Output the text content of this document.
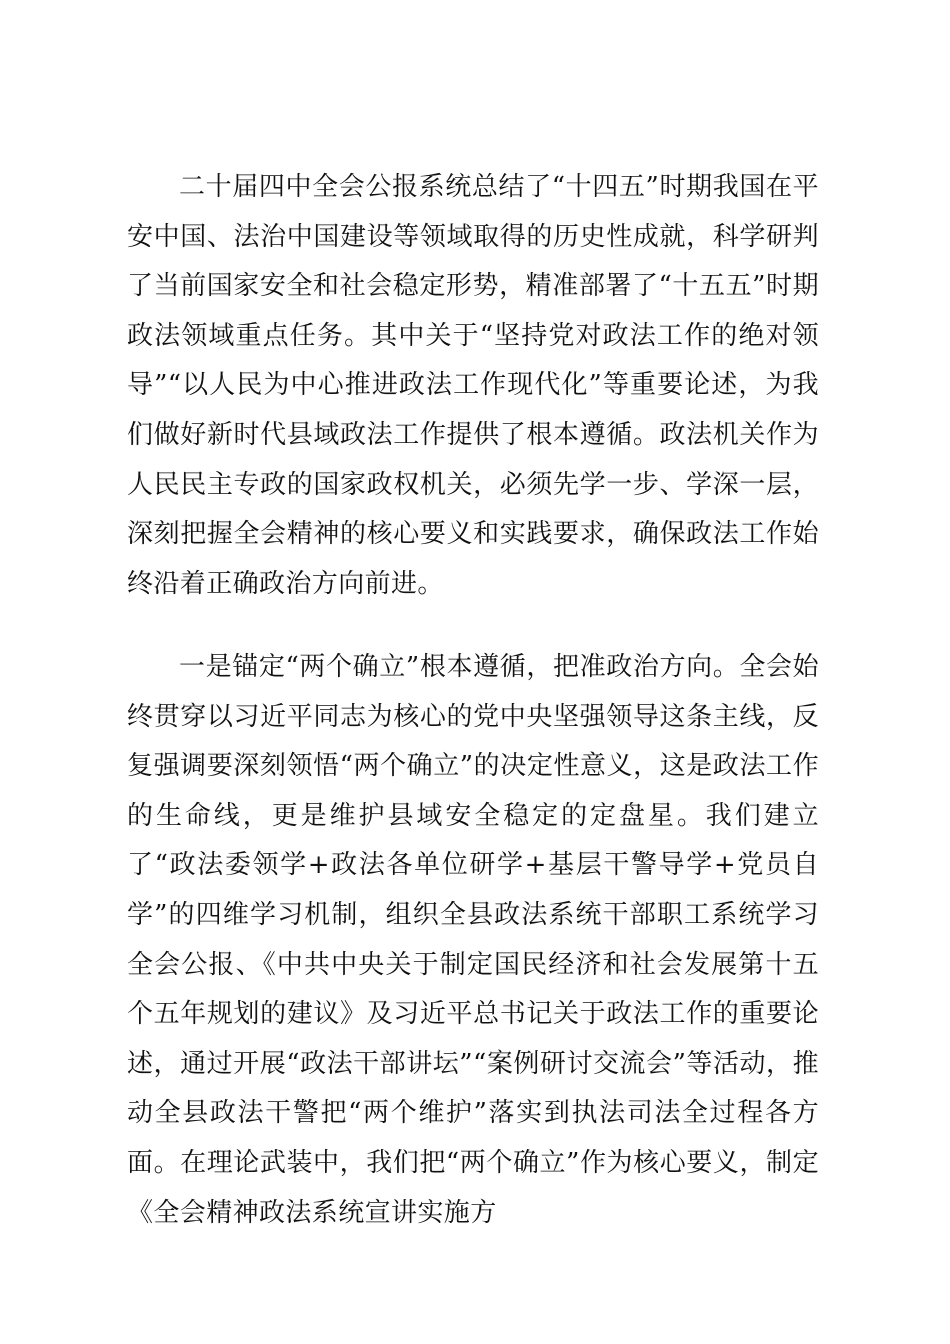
二十届四中全会公报系统总结了“十四五”时期我国在平安中国、法治中国建设等领域取得的历史性成就，科学研判了当前国家安全和社会稳定形势，精准部署了“十五五”时期政法领域重点任务。其中关于“坚持党对政法工作的绝对领导”“以人民为中心推进政法工作现代化”等重要论述，为我们做好新时代县域政法工作提供了根本遵循。政法机关作为人民民主专政的国家政权机关，必须先学一步、学深一层，深刻把握全会精神的核心要义和实践要求，确保政法工作始终沿着正确政治方向前进。

一是锚定“两个确立”根本遵循，把准政治方向。全会始终贯穿以习近平同志为核心的党中央坚强领导这条主线，反复强调要深刻领悟“两个确立”的决定性意义，这是政法工作的生命线，更是维护县域安全稳定的定盘星。我们建立了“政法委领学+政法各单位研学+基层干警导学+党员自学”的四维学习机制，组织全县政法系统干部职工系统学习全会公报、《中共中央关于制定国民经济和社会发展第十五个五年规划的建议》及习近平总书记关于政法工作的重要论述，通过开展“政法干部讲坛”“案例研讨交流会”等活动，推动全县政法干警把“两个维护”落实到执法司法全过程各方面。在理论武装中，我们把“两个确立”作为核心要义，制定《全会精神政法系统宣讲实施方
